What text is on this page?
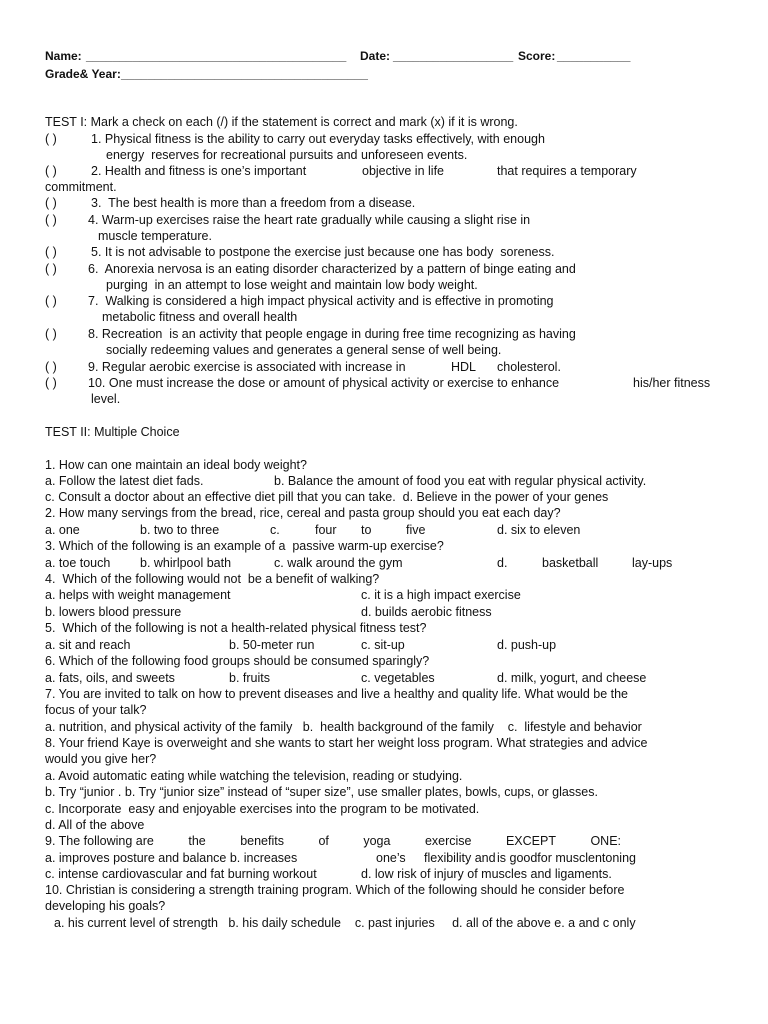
Name: _______________________________________ Date: __________________ Score: ___________
Grade& Year: _____________________________________
TEST I: Mark a check on each (/) if the statement is correct and mark (x) if it is wrong.
( )	1. Physical fitness is the ability to carry out everyday tasks effectively, with enough
energy  reserves for recreational pursuits and unforeseen events.
( )	2. Health and fitness is one’s important	objective in life	that requires a temporary
commitment.
( )	3.  The best health is more than a freedom from a disease.
( ) 4. Warm-up exercises raise the heart rate gradually while causing a slight rise in
muscle temperature.
( )	5. It is not advisable to postpone the exercise just because one has body  soreness.
( ) 6.  Anorexia nervosa is an eating disorder characterized by a pattern of binge eating and
purging  in an attempt to lose weight and maintain low body weight.
( ) 7.  Walking is considered a high impact physical activity and is effective in promoting
metabolic fitness and overall health
( ) 8. Recreation  is an activity that people engage in during free time recognizing as having
socially redeeming values and generates a general sense of well being.
( ) 9. Regular aerobic exercise is associated with increase in	HDL cholesterol.
( ) 10. One must increase the dose or amount of physical activity or exercise to enhance	his/her fitness
level.
TEST II: Multiple Choice
1. How can one maintain an ideal body weight?
a. Follow the latest diet fads.	b. Balance the amount of food you eat with regular physical activity.
c. Consult a doctor about an effective diet pill that you can take.  d. Believe in the power of your genes
2. How many servings from the bread, rice, cereal and pasta group should you eat each day?
a. one	b. two to three	c.	four to	five	d. six to eleven
3. Which of the following is an example of a  passive warm-up exercise?
a. toe touch b. whirlpool bath	c. walk around the gym	d.	basketball	lay-ups
4.  Which of the following would not  be a benefit of walking?
a. helps with weight management	c. it is a high impact exercise
b. lowers blood pressure	d. builds aerobic fitness
5.  Which of the following is not a health-related physical fitness test?
a. sit and reach	b. 50-meter run	c. sit-up	d. push-up
6. Which of the following food groups should be consumed sparingly?
a. fats, oils, and sweets	b. fruits	c. vegetables	d. milk, yogurt, and cheese
7. You are invited to talk on how to prevent diseases and live a healthy and quality life. What would be the
focus of your talk?
a. nutrition, and physical activity of the family   b.  health background of the family    c.  lifestyle and behavior
8. Your friend Kaye is overweight and she wants to start her weight loss program. What strategies and advice
would you give her?
a. Avoid automatic eating while watching the television, reading or studying.
b. Try “junior . b. Try “junior size” instead of “super size”, use smaller plates, bowls, cups, or glasses.
c. Incorporate  easy and enjoyable exercises into the program to be motivated.
d. All of the above
9. The following are	the	benefits	of	yoga	exercise	EXCEPT	ONE:
a. improves posture and balance b. increases	one’s flexibility and is goodfor musclentoning
c. intense cardiovascular and fat burning workout	d. low risk of injury of muscles and ligaments.
10. Christian is considering a strength training program. Which of the following should he consider before
developing his goals?
a. his current level of strength   b. his daily schedule    c. past injuries     d. all of the above e. a and c only
